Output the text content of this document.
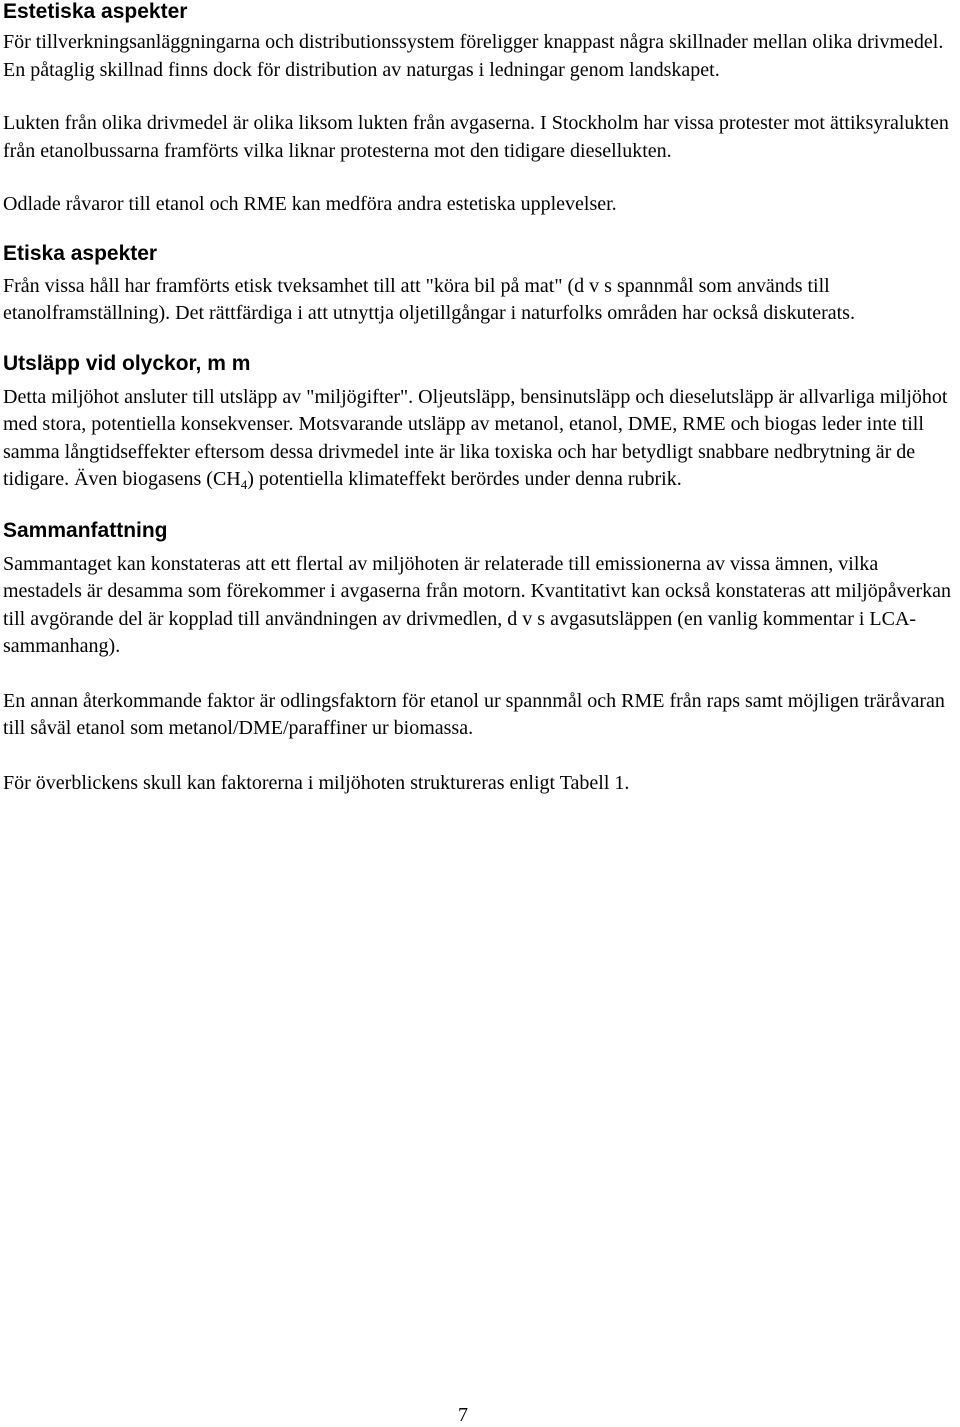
Estetiska aspekter

För tillverkningsanläggningarna och distributionssystem föreligger knappast några skillnader mellan olika drivmedel. En påtaglig skillnad finns dock för distribution av naturgas i ledningar genom landskapet.

Lukten från olika drivmedel är olika liksom lukten från avgaserna. I Stockholm har vissa protester mot ättiksyralukten från etanolbussarna framförts vilka liknar protesterna mot den tidigare diesellukten.

Odlade råvaror till etanol och RME kan medföra andra estetiska upplevelser.

Etiska aspekter

Från vissa håll har framförts etisk tveksamhet till att "köra bil på mat" (d v s spannmål som används till etanolframställning). Det rättfärdiga i att utnyttja oljetillgångar i naturfolks områden har också diskuterats.

Utsläpp vid olyckor, m m

Detta miljöhot ansluter till utsläpp av "miljögifter". Oljeutsläpp, bensinutsläpp och dieselutsläpp är allvarliga miljöhot med stora, potentiella konsekvenser. Motsvarande utsläpp av metanol, etanol, DME, RME och biogas leder inte till samma långtidseffekter eftersom dessa drivmedel inte är lika toxiska och har betydligt snabbare nedbrytning är de tidigare. Även biogasens $(CH_4)$ potentiella klimateffekt berördes under denna rubrik.

Sammanfattning

Sammantaget kan konstateras att ett flertal av miljöhoten är relaterade till emissionerna av vissa ämnen, vilka mestadels är desamma som förekommer i avgaserna från motorn. Kvantitativt kan också konstateras att miljöpåverkan till avgörande del är kopplad till användningen av drivmedlen, d v s avgasutsläppen (en vanlig kommentar i LCA-sammanhang).

En annan återkommande faktor är odlingsfaktorn för etanol ur spannmål och RME från raps samt möjligen träråvaran till såväl etanol som metanol/DME/paraffiner ur biomassa.

För överblickens skull kan faktorerna i miljöhoten struktureras enligt Tabell 1.

7
